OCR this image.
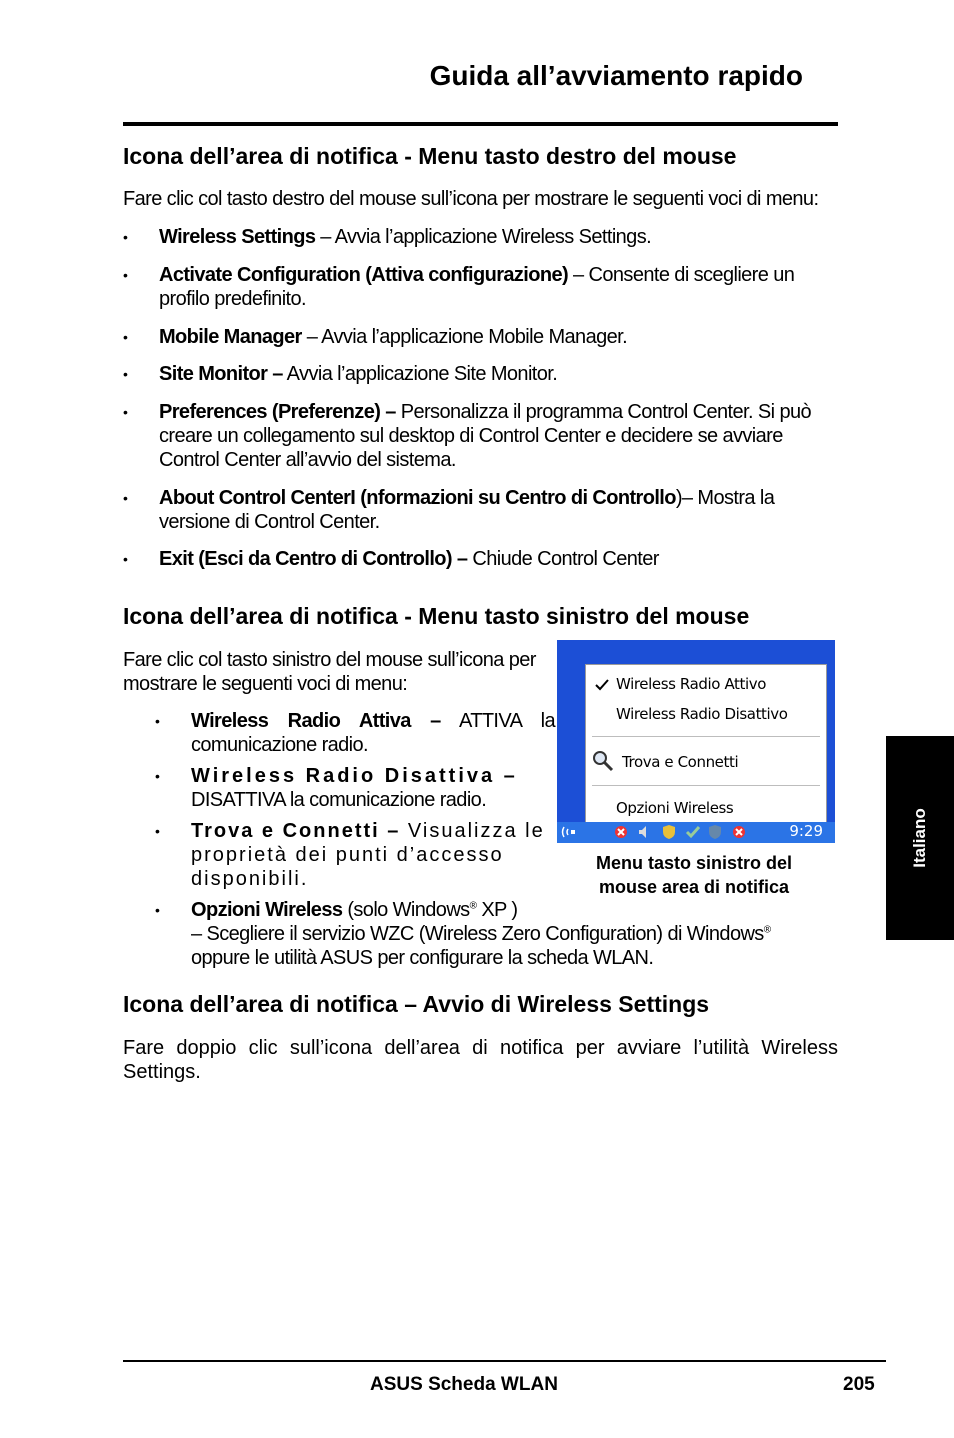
Guida all’avviamento rapido
Icona dell’area di notifica - Menu tasto destro del mouse
Fare clic col tasto destro del mouse sull’icona per mostrare le seguenti voci di menu:
• Wireless Settings – Avvia l’applicazione Wireless Settings.
• Activate Configuration (Attiva configurazione) – Consente di scegliere un profilo predefinito.
• Mobile Manager – Avvia l’applicazione Mobile Manager.
• Site Monitor – Avvia l’applicazione Site Monitor.
• Preferences (Preferenze) – Personalizza il programma Control Center. Si può creare un collegamento sul desktop di Control Center e decidere se avviare Control Center all’avvio del sistema.
• About Control CenterI (nformazioni su Centro di Controllo)– Mostra la versione di Control Center.
• Exit (Esci da Centro di Controllo) – Chiude Control Center
Icona dell’area di notifica - Menu tasto sinistro del mouse
Fare clic col tasto sinistro del mouse sull’icona per mostrare le seguenti voci di menu:
• Wireless Radio Attiva – ATTIVA la comunicazione radio.
• Wireless Radio Disattiva – DISATTIVA la comunicazione radio.
• Trova e Connetti – Visualizza le proprietà dei punti d’accesso disponibili.
• Opzioni Wireless (solo Windows® XP )
– Scegliere il servizio WZC (Wireless Zero Configuration) di Windows®
oppure le utilità ASUS per configurare la scheda WLAN.
Wireless Radio Attivo
Wireless Radio Disattivo
Trova e Connetti
Opzioni Wireless
9:29
Menu tasto sinistro del
mouse area di notifica
Icona dell’area di notifica – Avvio di Wireless Settings
Fare doppio clic sull’icona dell’area di notifica per avviare l’utilità Wireless Settings.
Italiano
ASUS Scheda WLAN	205
